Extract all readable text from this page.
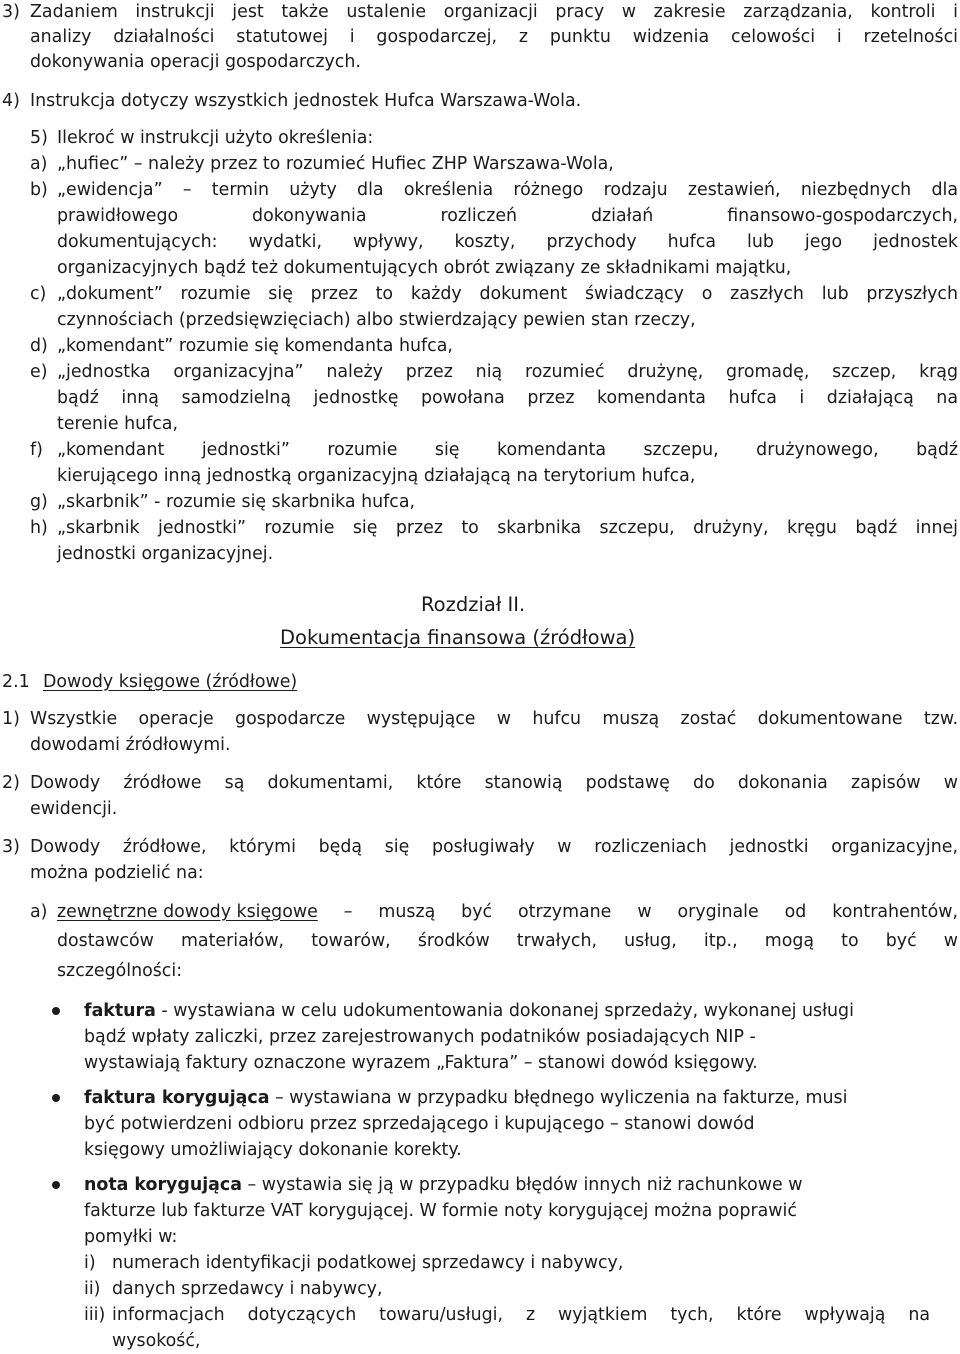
3) Zadaniem instrukcji jest także ustalenie organizacji pracy w zakresie zarządzania, kontroli i
analizy działalności statutowej i gospodarczej, z punktu widzenia celowości i rzetelności
dokonywania operacji gospodarczych.
4) Instrukcja dotyczy wszystkich jednostek Hufca Warszawa-Wola.
5) Ilekroć w instrukcji użyto określenia:
a) „hufiec” – należy przez to rozumieć Hufiec ZHP Warszawa-Wola,
b) „ewidencja” – termin użyty dla określenia różnego rodzaju zestawień, niezbędnych dla
prawidłowego dokonywania rozliczeń działań finansowo-gospodarczych,
dokumentujących: wydatki, wpływy, koszty, przychody hufca lub jego jednostek
organizacyjnych bądź też dokumentujących obrót związany ze składnikami majątku,
c) „dokument” rozumie się przez to każdy dokument świadczący o zaszłych lub przyszłych
czynnościach (przedsięwzięciach) albo stwierdzający pewien stan rzeczy,
d) „komendant” rozumie się komendanta hufca,
e) „jednostka organizacyjna” należy przez nią rozumieć drużynę, gromadę, szczep, krąg
bądź inną samodzielną jednostkę powołana przez komendanta hufca i działającą na
terenie hufca,
f) „komendant jednostki” rozumie się komendanta szczepu, drużynowego, bądź
kierującego inną jednostką organizacyjną działającą na terytorium hufca,
g) „skarbnik” - rozumie się skarbnika hufca,
h) „skarbnik jednostki” rozumie się przez to skarbnika szczepu, drużyny, kręgu bądź innej
jednostki organizacyjnej.
Rozdział II.
Dokumentacja finansowa (źródłowa)
2.1 Dowody księgowe (źródłowe)
1) Wszystkie operacje gospodarcze występujące w hufcu muszą zostać dokumentowane tzw.
dowodami źródłowymi.
2) Dowody źródłowe są dokumentami, które stanowią podstawę do dokonania zapisów w
ewidencji.
3) Dowody źródłowe, którymi będą się posługiwały w rozliczeniach jednostki organizacyjne,
można podzielić na:
a) zewnętrzne dowody księgowe – muszą być otrzymane w oryginale od kontrahentów,
dostawców materiałów, towarów, środków trwałych, usług, itp., mogą to być w
szczególności:
faktura - wystawiana w celu udokumentowania dokonanej sprzedaży, wykonanej usługi
bądź wpłaty zaliczki, przez zarejestrowanych podatników posiadających NIP -
wystawiają faktury oznaczone wyrazem „Faktura” – stanowi dowód księgowy.
faktura korygująca – wystawiana w przypadku błędnego wyliczenia na fakturze, musi
być potwierdzeni odbioru przez sprzedającego i kupującego – stanowi dowód
księgowy umożliwiający dokonanie korekty.
nota korygująca – wystawia się ją w przypadku błędów innych niż rachunkowe w
fakturze lub fakturze VAT korygującej. W formie noty korygującej można poprawić
pomyłki w:
i) numerach identyfikacji podatkowej sprzedawcy i nabywcy,
ii) danych sprzedawcy i nabywcy,
iii) informacjach dotyczących towaru/usługi, z wyjątkiem tych, które wpływają na
wysokość,
